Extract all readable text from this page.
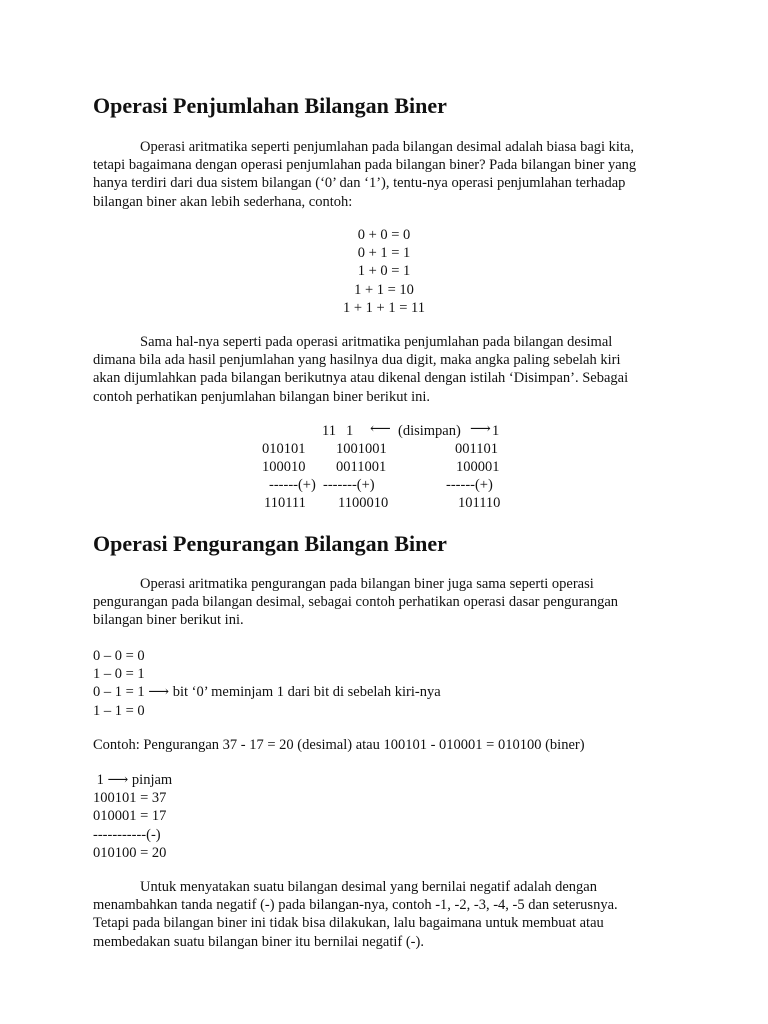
Operasi Penjumlahan Bilangan Biner
Operasi aritmatika seperti penjumlahan pada bilangan desimal adalah biasa bagi kita,
tetapi bagaimana dengan operasi penjumlahan pada bilangan biner? Pada bilangan biner yang
hanya terdiri dari dua sistem bilangan (‘0’ dan ‘1’), tentu-nya operasi penjumlahan terhadap
bilangan biner akan lebih sederhana, contoh:
0 + 0 = 0
0 + 1 = 1
1 + 0 = 1
1 + 1 = 10
1 + 1 + 1 = 11
Sama hal-nya seperti pada operasi aritmatika penjumlahan pada bilangan desimal
dimana bila ada hasil penjumlahan yang hasilnya dua digit, maka angka paling sebelah kiri
akan dijumlahkan pada bilangan berikutnya atau dikenal dengan istilah ‘Disimpan’. Sebagai
contoh perhatikan penjumlahan bilangan biner berikut ini.
11 1 ⟵ (disimpan) ⟶ 1
010101
100010
------(+)
110111
1001001
0011001
-------(+)
1100010
001101
100001
------(+)
101110
Operasi Pengurangan Bilangan Biner
Operasi aritmatika pengurangan pada bilangan biner juga sama seperti operasi
pengurangan pada bilangan desimal, sebagai contoh perhatikan operasi dasar pengurangan
bilangan biner berikut ini.
0 – 0 = 0
1 – 0 = 1
0 – 1 = 1 ⟶ bit ‘0’ meminjam 1 dari bit di sebelah kiri-nya
1 – 1 = 0
Contoh: Pengurangan 37 - 17 = 20 (desimal) atau 100101 - 010001 = 010100 (biner)
1 ⟶ pinjam
100101 = 37
010001 = 17
-----------(-)
010100 = 20
Untuk menyatakan suatu bilangan desimal yang bernilai negatif adalah dengan
menambahkan tanda negatif (-) pada bilangan-nya, contoh -1, -2, -3, -4, -5 dan seterusnya.
Tetapi pada bilangan biner ini tidak bisa dilakukan, lalu bagaimana untuk membuat atau
membedakan suatu bilangan biner itu bernilai negatif (-).
